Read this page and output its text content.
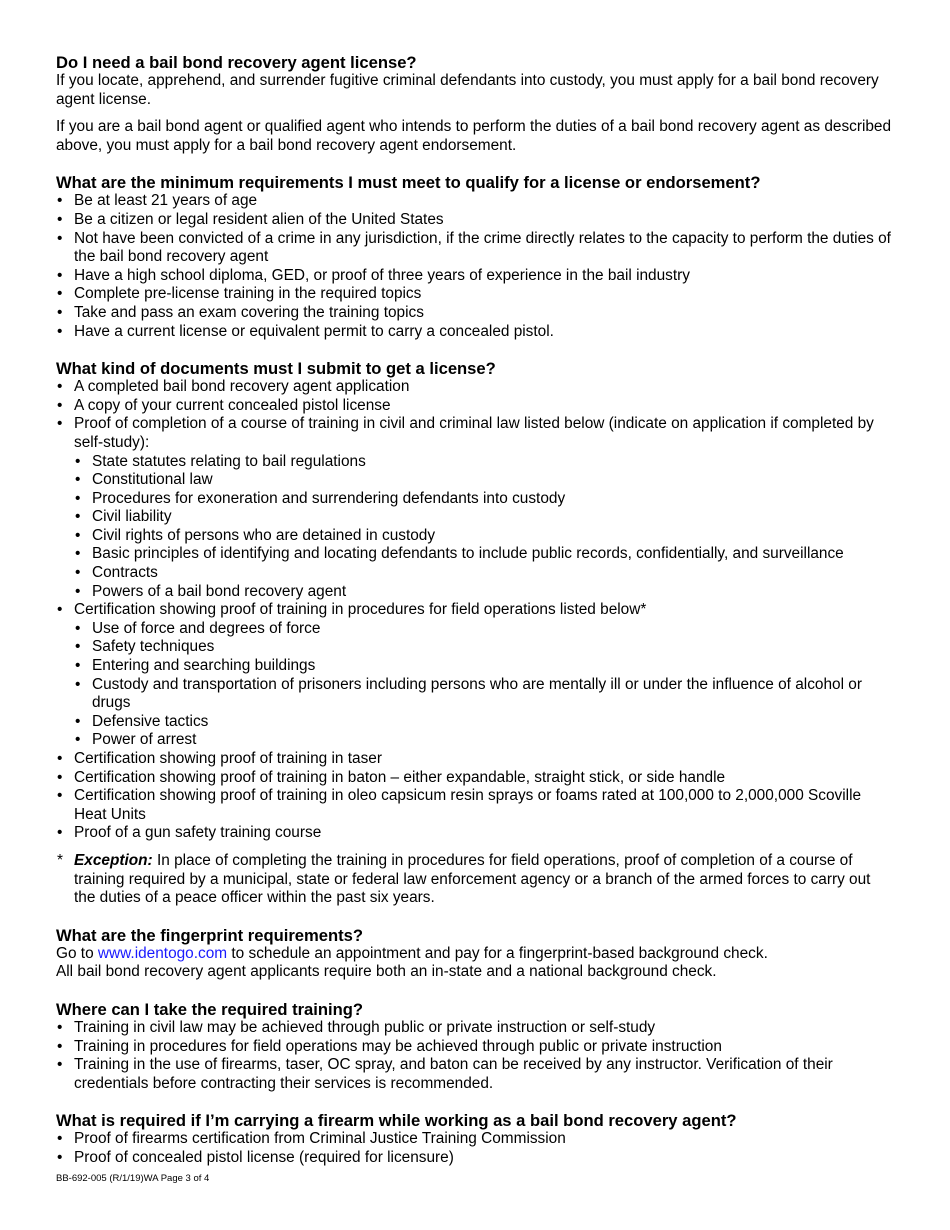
Do I need a bail bond recovery agent license?

If you locate, apprehend, and surrender fugitive criminal defendants into custody, you must apply for a bail bond recovery agent license.

If you are a bail bond agent or qualified agent who intends to perform the duties of a bail bond recovery agent as described above, you must apply for a bail bond recovery agent endorsement.

What are the minimum requirements I must meet to qualify for a license or endorsement?
• Be at least 21 years of age
• Be a citizen or legal resident alien of the United States
• Not have been convicted of a crime in any jurisdiction, if the crime directly relates to the capacity to perform the duties of the bail bond recovery agent
• Have a high school diploma, GED, or proof of three years of experience in the bail industry
• Complete pre-license training in the required topics
• Take and pass an exam covering the training topics
• Have a current license or equivalent permit to carry a concealed pistol.
What kind of documents must I submit to get a license?
• A completed bail bond recovery agent application
• A copy of your current concealed pistol license
• Proof of completion of a course of training in civil and criminal law listed below (indicate on application if completed by self-study):
• State statutes relating to bail regulations
• Constitutional law
• Procedures for exoneration and surrendering defendants into custody
• Civil liability
• Civil rights of persons who are detained in custody
• Basic principles of identifying and locating defendants to include public records, confidentially, and surveillance
• Contracts
• Powers of a bail bond recovery agent
• Certification showing proof of training in procedures for field operations listed below*
• Use of force and degrees of force
• Safety techniques
• Entering and searching buildings
• Custody and transportation of prisoners including persons who are mentally ill or under the influence of alcohol or drugs
• Defensive tactics
• Power of arrest
• Certification showing proof of training in taser
• Certification showing proof of training in baton – either expandable, straight stick, or side handle
• Certification showing proof of training in oleo capsicum resin sprays or foams rated at 100,000 to 2,000,000 Scoville Heat Units
• Proof of a gun safety training course
* Exception: In place of completing the training in procedures for field operations, proof of completion of a course of training required by a municipal, state or federal law enforcement agency or a branch of the armed forces to carry out the duties of a peace officer within the past six years.
What are the fingerprint requirements?

Go to www.identogo.com to schedule an appointment and pay for a fingerprint-based background check.

All bail bond recovery agent applicants require both an in-state and a national background check.

Where can I take the required training?
• Training in civil law may be achieved through public or private instruction or self-study
• Training in procedures for field operations may be achieved through public or private instruction
• Training in the use of firearms, taser, OC spray, and baton can be received by any instructor. Verification of their credentials before contracting their services is recommended.
What is required if I’m carrying a firearm while working as a bail bond recovery agent?
• Proof of firearms certification from Criminal Justice Training Commission
• Proof of concealed pistol license (required for licensure)
BB-692-005 (R/1/19)WA Page 3 of 4
